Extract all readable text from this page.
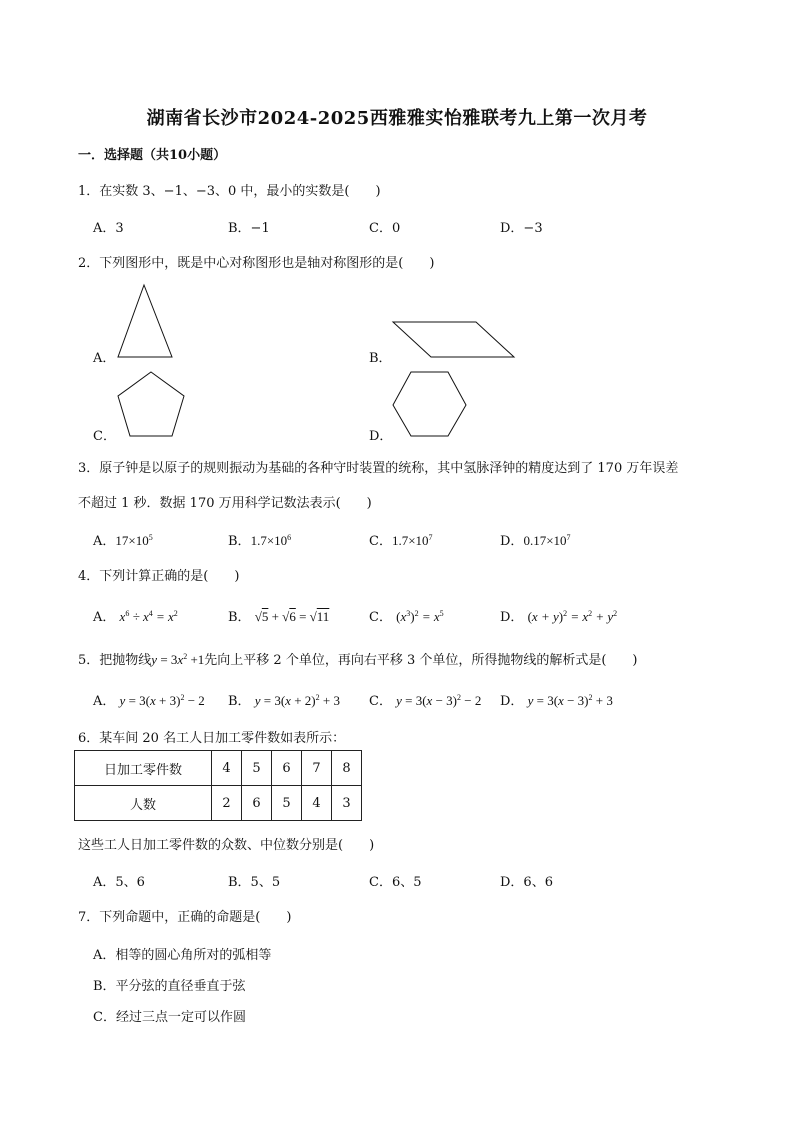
湖南省长沙市2024-2025西雅雅实怡雅联考九上第一次月考
一．选择题（共10小题）
1．在实数 3、−1、−3、0 中，最小的实数是(　　)
A．3	B．−1	C．0	D．−3
2．下列图形中，既是中心对称图形也是轴对称图形的是(　　)
A．	B．
C．	D．
3．原子钟是以原子的规则振动为基础的各种守时装置的统称，其中氢脉泽钟的精度达到了 170 万年误差
不超过 1 秒．数据 170 万用科学记数法表示(　　)
A．$17\times 10^5$	B．$1.7\times 10^6$	C．$1.7\times 10^7$	D．$0.17\times 10^7$
4．下列计算正确的是(　　)
A． $x^6 \div x^4 = x^2$	B． √5 + √6 = √11	C． $(x^3)^2 = x^5$	D． $(x + y)^2 = x^2 + y^2$
5．把抛物线$y = 3x^2 +1$先向上平移 2 个单位，再向右平移 3 个单位，所得抛物线的解析式是(　　)
A． $y = 3(x + 3)^2 - 2$ B． $y = 3(x + 2)^2 + 3$ C． $y = 3(x - 3)^2 - 2$ D． $y = 3(x - 3)^2 + 3$
6．某车间 20 名工人日加工零件数如表所示：
日加工零件数	4	5	6	7	8
人数	2	6	5	4	3
这些工人日加工零件数的众数、中位数分别是(　　)
A．5、6	B．5、5	C．6、5	D．6、6
7．下列命题中，正确的命题是(　　)
A．相等的圆心角所对的弧相等
B．平分弦的直径垂直于弦
C．经过三点一定可以作圆
